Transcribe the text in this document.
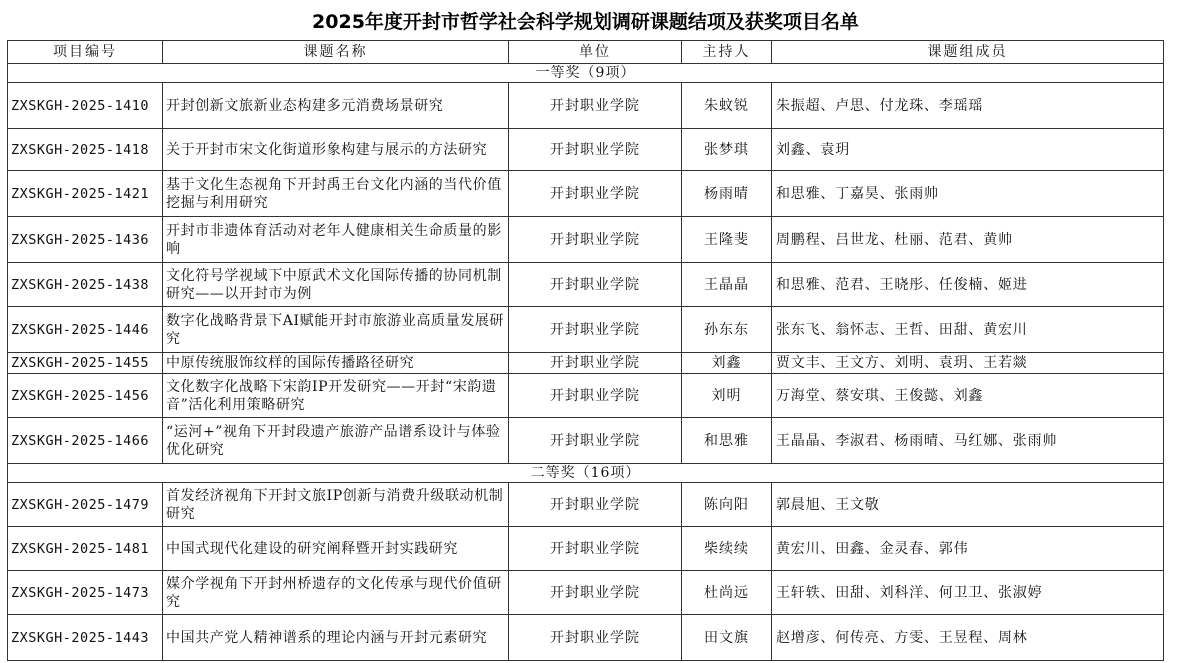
2025年度开封市哲学社会科学规划调研课题结项及获奖项目名单
项目编号	课题名称	单位	主持人	课题组成员
一等奖（9项）				
ZXSKGH-2025-1410	开封创新文旅新业态构建多元消费场景研究	开封职业学院	朱蚊锐	朱振超、卢思、付龙珠、李瑶瑶
ZXSKGH-2025-1418	关于开封市宋文化街道形象构建与展示的方法研究	开封职业学院	张梦琪	刘鑫、袁玥
ZXSKGH-2025-1421	基于文化生态视角下开封禹王台文化内涵的当代价值挖掘与利用研究	开封职业学院	杨雨晴	和思雅、丁嘉昊、张雨帅
ZXSKGH-2025-1436	开封市非遗体育活动对老年人健康相关生命质量的影响	开封职业学院	王隆斐	周鹏程、吕世龙、杜丽、范君、黄帅
ZXSKGH-2025-1438	文化符号学视域下中原武术文化国际传播的协同机制研究——以开封市为例	开封职业学院	王晶晶	和思雅、范君、王晓彤、任俊楠、姬进
ZXSKGH-2025-1446	数字化战略背景下AI赋能开封市旅游业高质量发展研究	开封职业学院	孙东东	张东飞、翁怀志、王哲、田甜、黄宏川
ZXSKGH-2025-1455	中原传统服饰纹样的国际传播路径研究	开封职业学院	刘鑫	贾文丰、王文方、刘明、袁玥、王若燚
ZXSKGH-2025-1456	文化数字化战略下宋韵IP开发研究——开封“宋韵遗音”活化利用策略研究	开封职业学院	刘明	万海堂、蔡安琪、王俊懿、刘鑫
ZXSKGH-2025-1466	“运河+”视角下开封段遗产旅游产品谱系设计与体验优化研究	开封职业学院	和思雅	王晶晶、李淑君、杨雨晴、马红娜、张雨帅
二等奖（16项）				
ZXSKGH-2025-1479	首发经济视角下开封文旅IP创新与消费升级联动机制研究	开封职业学院	陈向阳	郭晨旭、王文敬
ZXSKGH-2025-1481	中国式现代化建设的研究阐释暨开封实践研究	开封职业学院	柴续续	黄宏川、田鑫、金灵春、郭伟
ZXSKGH-2025-1473	媒介学视角下开封州桥遗存的文化传承与现代价值研究	开封职业学院	杜尚远	王轩轶、田甜、刘科洋、何卫卫、张淑婷
ZXSKGH-2025-1443	中国共产党人精神谱系的理论内涵与开封元素研究	开封职业学院	田文旗	赵增彦、何传亮、方雯、王昱程、周林
